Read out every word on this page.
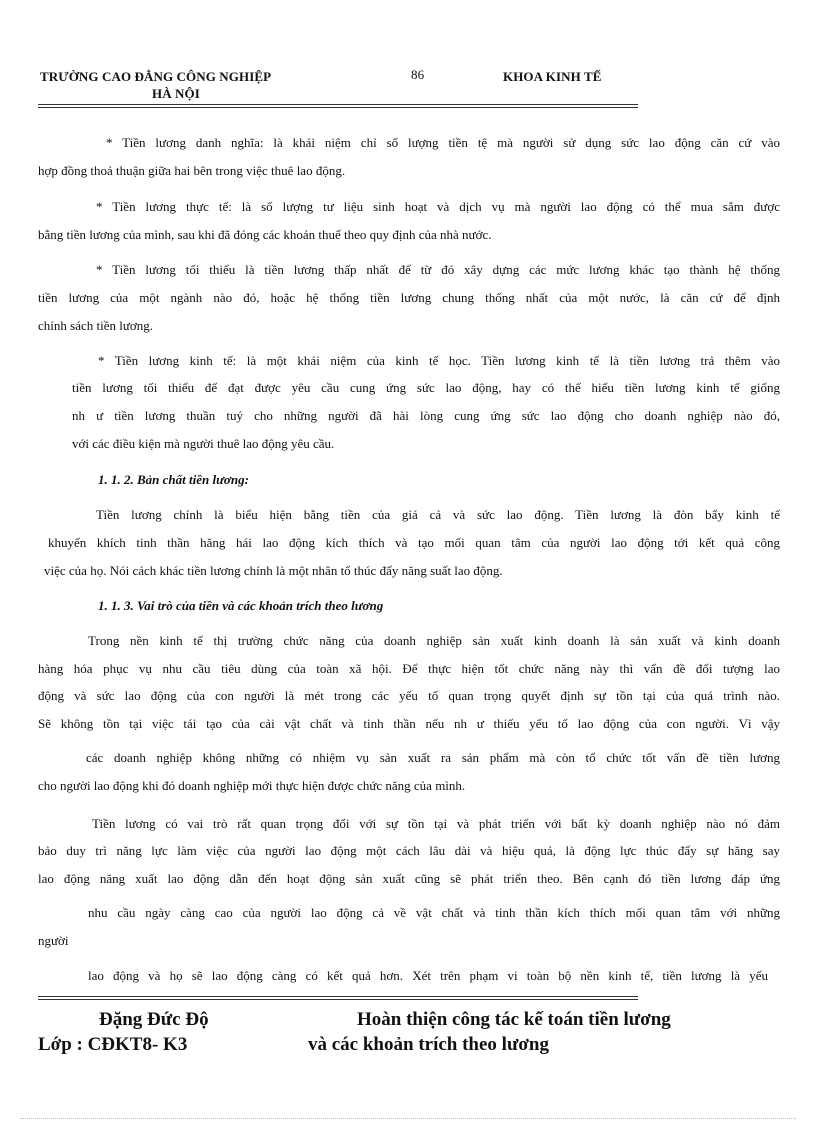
TRƯỜNG CAO ĐẲNG CÔNG NGHIỆP
HÀ NỘI
86	KHOA KINH TẾ
* Tiền lương danh nghĩa: là khái niệm chỉ số lượng tiền tệ mà người sử dụng sức lao động căn cứ vào
hợp đồng thoả thuận giữa hai bên trong việc thuê lao động.
* Tiền lương thực tế: là số lượng tư liệu sinh hoạt và dịch vụ mà người lao động có thể mua sắm được
bằng tiền lương của mình, sau khi đã đóng các khoản thuế theo quy định của nhà nước.
* Tiền lương tối thiểu là tiền lương thấp nhất để từ đó xây dựng các mức lương khác tạo thành hệ thống
tiền lương của một ngành nào đó, hoặc hệ thống tiền lương chung thống nhất của một nước, là căn cứ để định
chính sách tiền lương.
* Tiền lương kinh tế: là một khái niệm của kinh tế học. Tiền lương kinh tế là tiền lương trả thêm vào
tiền lương tối thiểu để đạt được yêu cầu cung ứng sức lao động, hay có thể hiểu tiền lương kinh tế giống
nh ư tiền lương thuần tuý cho những người đã hài lòng cung ứng sức lao động cho doanh nghiệp nào đó,
với các điều kiện mà người thuê lao động yêu cầu.
1. 1. 2. Bản chất tiền lương:
Tiền lương chính là biểu hiện bằng tiền của giá cả và sức lao động. Tiền lương là đòn bẩy kinh tế
khuyến khích tinh thần hăng hái lao động kích thích và tạo mối quan tâm của người lao động tới kết quả công
việc của họ. Nói cách khác tiền lương chính là một nhân tố thúc đẩy năng suất lao động.
1. 1. 3. Vai trò của tiền và các khoản trích theo lương
Trong nền kinh tế thị trường chức năng của doanh nghiệp sản xuất kinh doanh là sản xuất và kinh doanh
hàng hóa phục vụ nhu cầu tiêu dùng của toàn xã hội. Để thực hiện tốt chức năng này thì vấn đề đối tượng lao
động và sức lao động của con người là mét trong các yếu tố quan trọng quyết định sự tồn tại của quá trình nào.
Sẽ không tồn tại việc tái tạo của cải vật chất và tinh thần nếu nh ư thiếu yếu tố lao động của con người. Vì vậy
các doanh nghiệp không những có nhiệm vụ sản xuất ra sản phẩm mà còn tổ chức tốt vấn đề tiền lương
cho người lao động khi đó doanh nghiệp mới thực hiện được chức năng của mình.
Tiền lương có vai trò rất quan trọng đối với sự tồn tại và phát triển với bất kỳ doanh nghiệp nào nó đảm
bảo duy trì năng lực làm việc của người lao động một cách lâu dài và hiệu quả, là động lực thúc đẩy sự hăng say
lao động năng xuất lao động dẫn đến hoạt động sản xuất cũng sẽ phát triển theo. Bên cạnh đó tiền lương đáp ứng
nhu cầu ngày càng cao của người lao động cả về vật chất và tinh thần kích thích mối quan tâm với những
người
lao động và họ sẽ lao động càng có kết quả hơn. Xét trên phạm vi toàn bộ nền kinh tế, tiền lương là yếu
Đặng Đức Độ
Lớp : CĐKT8- K3
Hoàn thiện công tác kế toán tiền lương
và các khoản trích theo lương
